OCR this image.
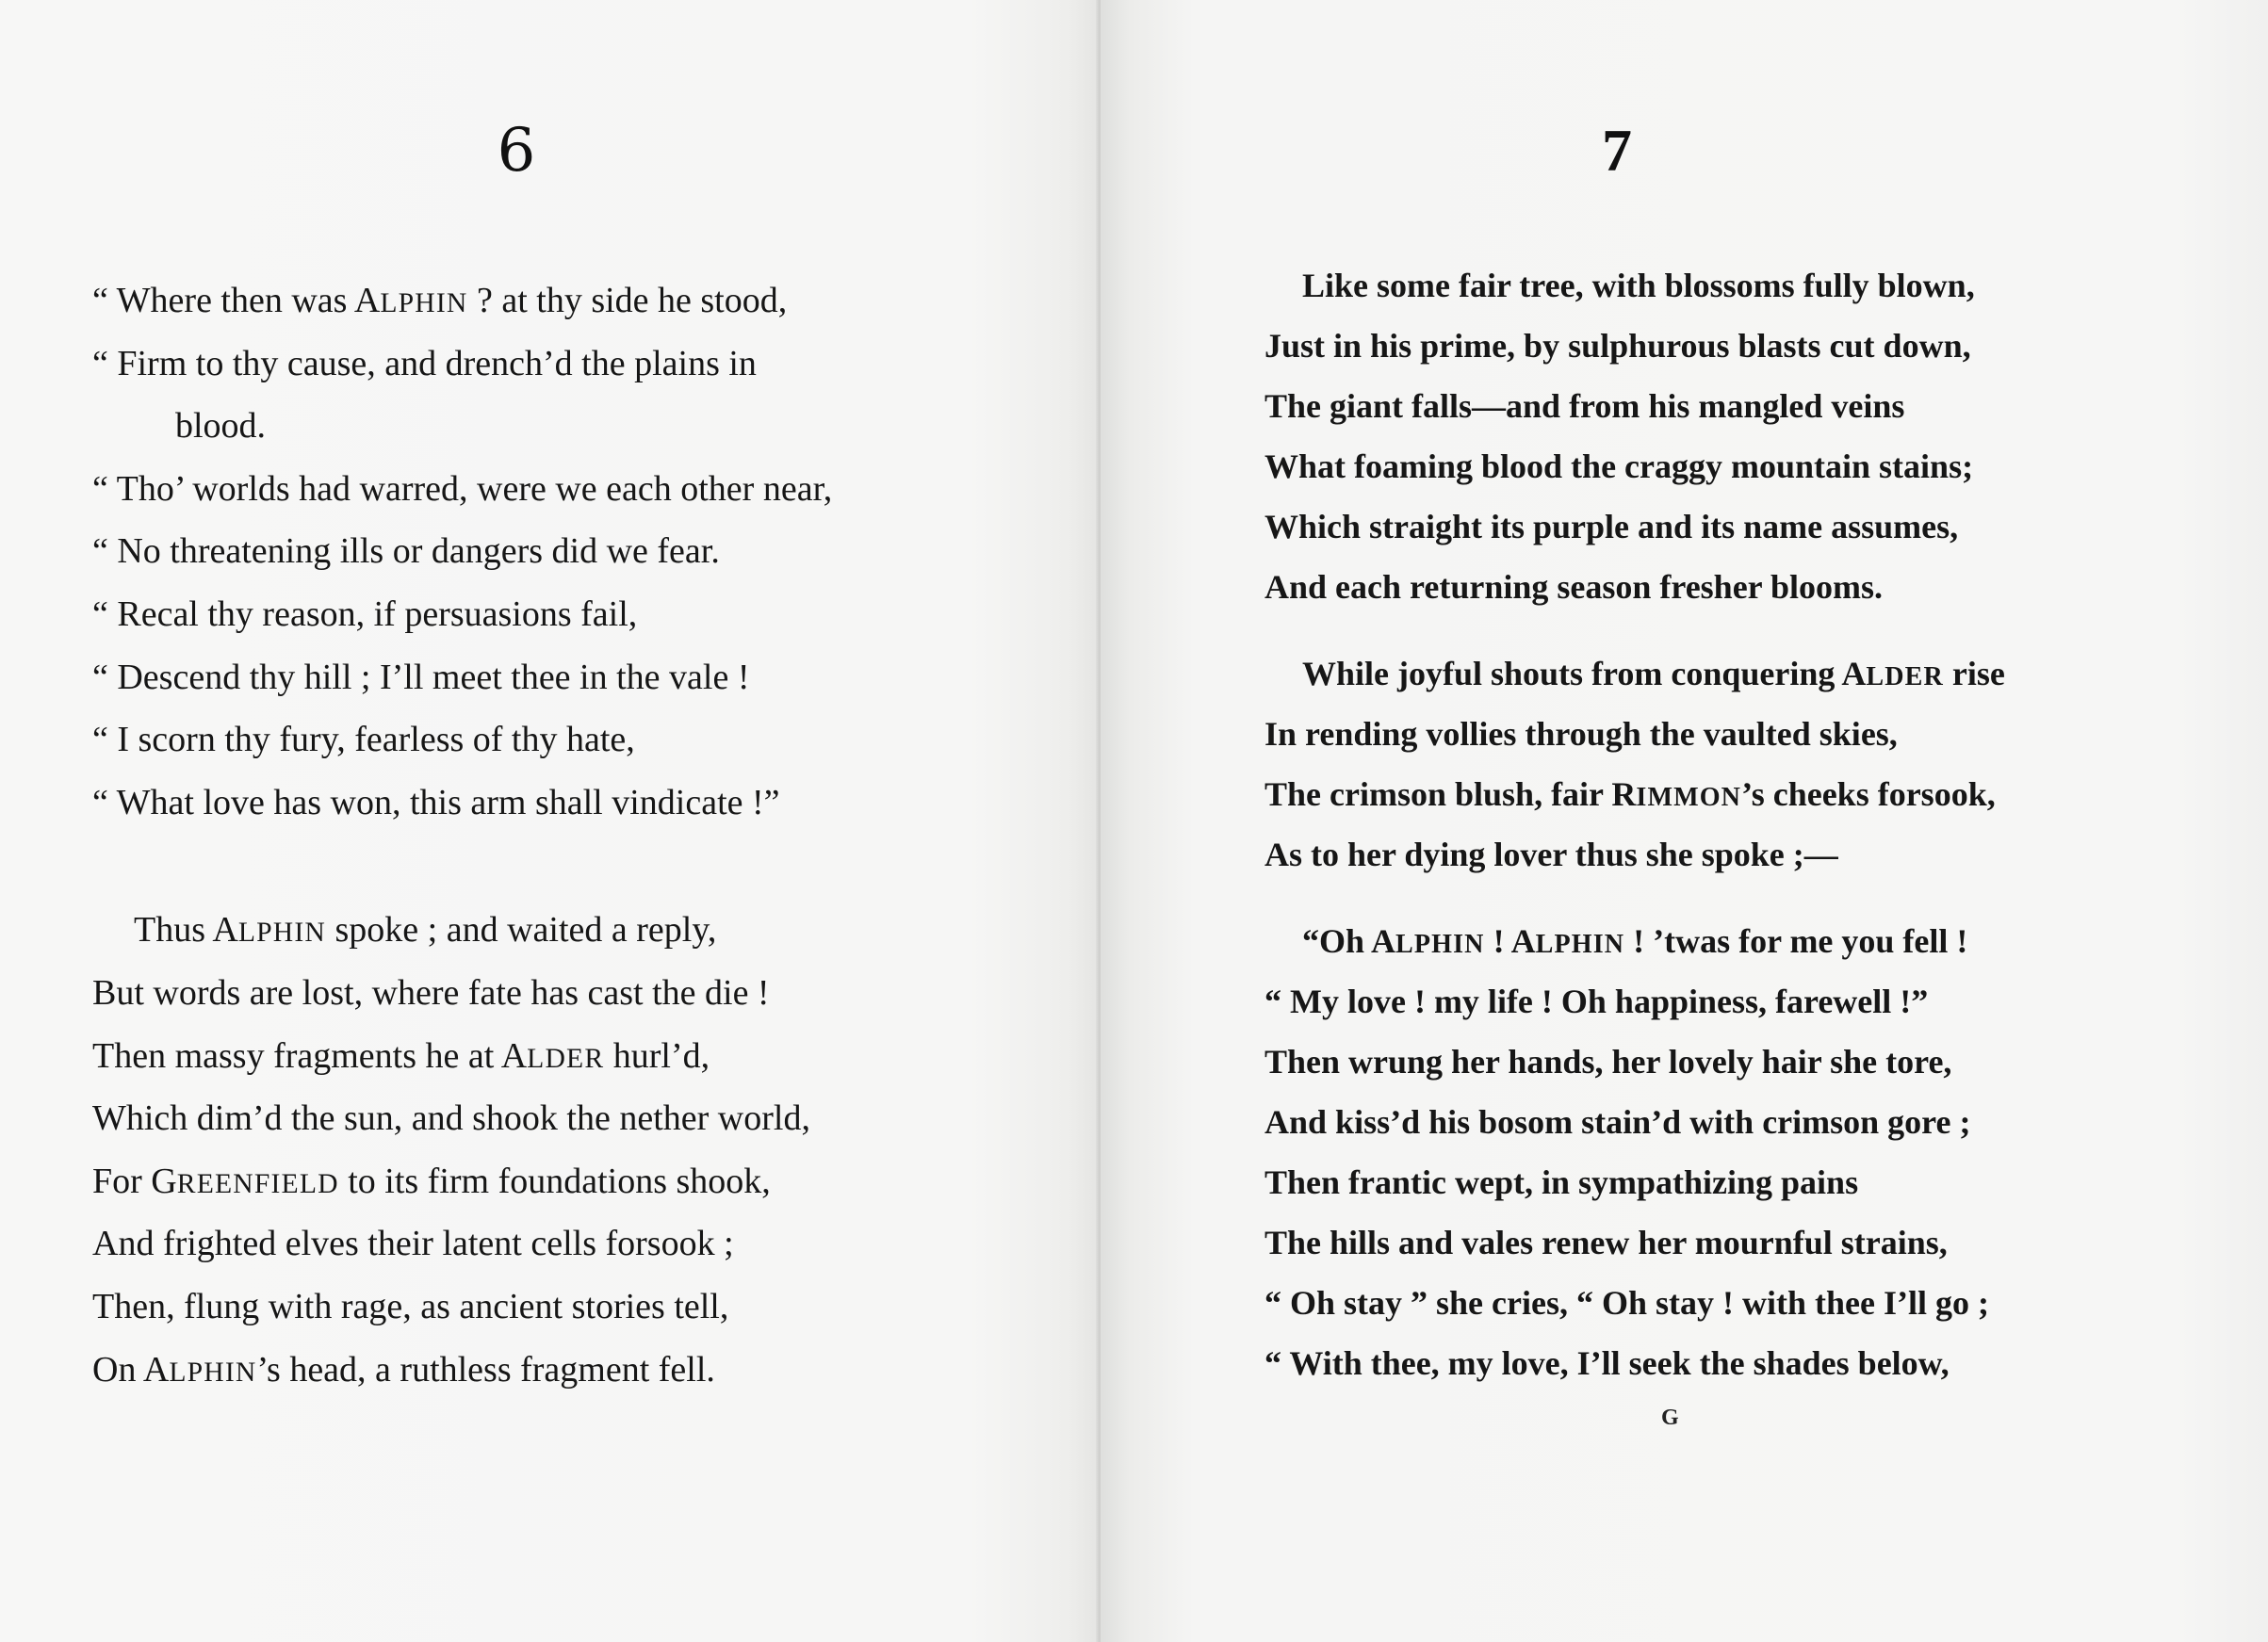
6
“ Where then was ALPHIN ? at thy side he stood,
“ Firm to thy cause, and drench’d the plains in
blood.
“ Tho’ worlds had warred, were we each other near,
“ No threatening ills or dangers did we fear.
“ Recal thy reason, if persuasions fail,
“ Descend thy hill ; I’ll meet thee in the vale !
“ I scorn thy fury, fearless of thy hate,
“ What love has won, this arm shall vindicate !”
Thus ALPHIN spoke ; and waited a reply,
But words are lost, where fate has cast the die !
Then massy fragments he at ALDER hurl’d,
Which dim’d the sun, and shook the nether world,
For GREENFIELD to its firm foundations shook,
And frighted elves their latent cells forsook ;
Then, flung with rage, as ancient stories tell,
On ALPHIN’s head, a ruthless fragment fell.
7
Like some fair tree, with blossoms fully blown,
Just in his prime, by sulphurous blasts cut down,
The giant falls—and from his mangled veins
What foaming blood the craggy mountain stains;
Which straight its purple and its name assumes,
And each returning season fresher blooms.
While joyful shouts from conquering ALDER rise
In rending vollies through the vaulted skies,
The crimson blush, fair RIMMON’s cheeks forsook,
As to her dying lover thus she spoke ;—
“Oh ALPHIN ! ALPHIN ! ’twas for me you fell !
“ My love ! my life ! Oh happiness, farewell !”
Then wrung her hands, her lovely hair she tore,
And kiss’d his bosom stain’d with crimson gore ;
Then frantic wept, in sympathizing pains
The hills and vales renew her mournful strains,
“ Oh stay ” she cries, “ Oh stay ! with thee I’ll go ;
“ With thee, my love, I’ll seek the shades below,
G
